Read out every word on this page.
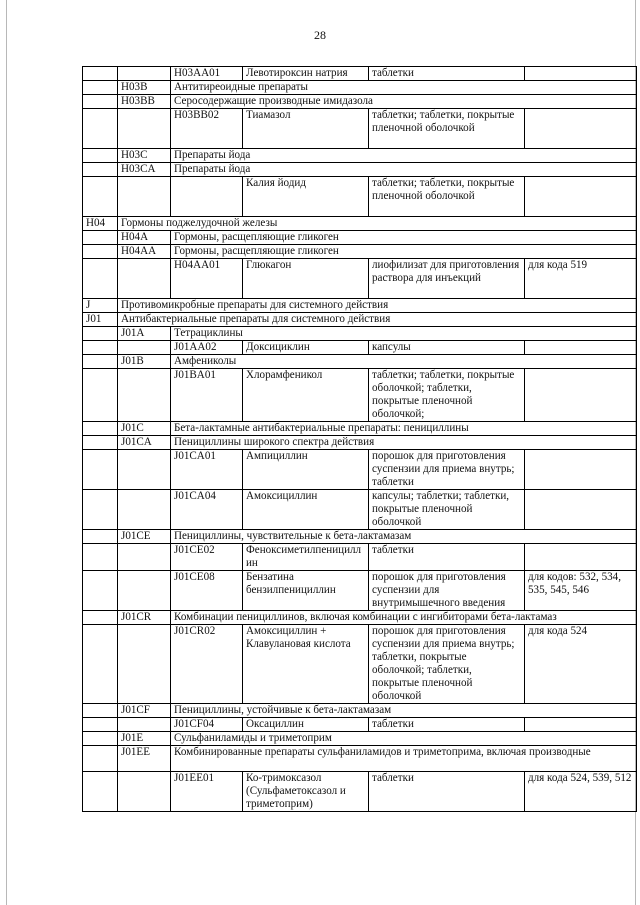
28
		H03AA01	Левотироксин натрия	таблетки	
	H03B	Антитиреоидные препараты			
	H03BB	Серосодержащие производные имидазола			
		H03BB02	Тиамазол	таблетки; таблетки, покрытые пленочной оболочкой	
	H03C	Препараты йода			
	H03CA	Препараты йода			
			Калия йодид	таблетки; таблетки, покрытые пленочной оболочкой	
H04	Гормоны поджелудочной железы				
	H04A	Гормоны, расщепляющие гликоген			
	H04AA	Гормоны, расщепляющие гликоген			
		H04AA01	Глюкагон	лиофилизат для приготовления раствора для инъекций	для кода 519
J	Противомикробные препараты для системного действия				
J01	Антибактериальные препараты для системного действия				
	J01A	Тетрациклины			
		J01AA02	Доксициклин	капсулы	
	J01B	Амфениколы			
		J01BA01	Хлорамфеникол	таблетки; таблетки, покрытые оболочкой; таблетки, покрытые пленочной оболочкой;	
	J01C	Бета-лактамные антибактериальные препараты: пенициллины			
	J01CA	Пенициллины широкого спектра действия			
		J01CA01	Ампициллин	порошок для приготовления суспензии для приема внутрь; таблетки	
		J01CA04	Амоксициллин	капсулы; таблетки; таблетки, покрытые пленочной оболочкой	
	J01CE	Пенициллины, чувствительные к бета-лактамазам			
		J01CE02	Феноксиметилпенициллин	таблетки	
		J01CE08	Бензатина бензилпенициллин	порошок для приготовления суспензии для внутримышечного введения	для кодов: 532, 534, 535, 545, 546
	J01CR	Комбинации пенициллинов, включая комбинации с ингибиторами бета-лактамаз			
		J01CR02	Амоксициллин + Клавулановая кислота	порошок для приготовления суспензии для приема внутрь; таблетки, покрытые оболочкой; таблетки, покрытые пленочной оболочкой	для кода 524
	J01CF	Пенициллины, устойчивые к бета-лактамазам			
		J01CF04	Оксациллин	таблетки	
	J01E	Сульфаниламиды и триметоприм			
	J01EE	Комбинированные препараты сульфаниламидов и триметоприма, включая производные			
		J01EE01	Ко-тримоксазол (Сульфаметоксазол и триметоприм)	таблетки	для кода 524, 539, 512
